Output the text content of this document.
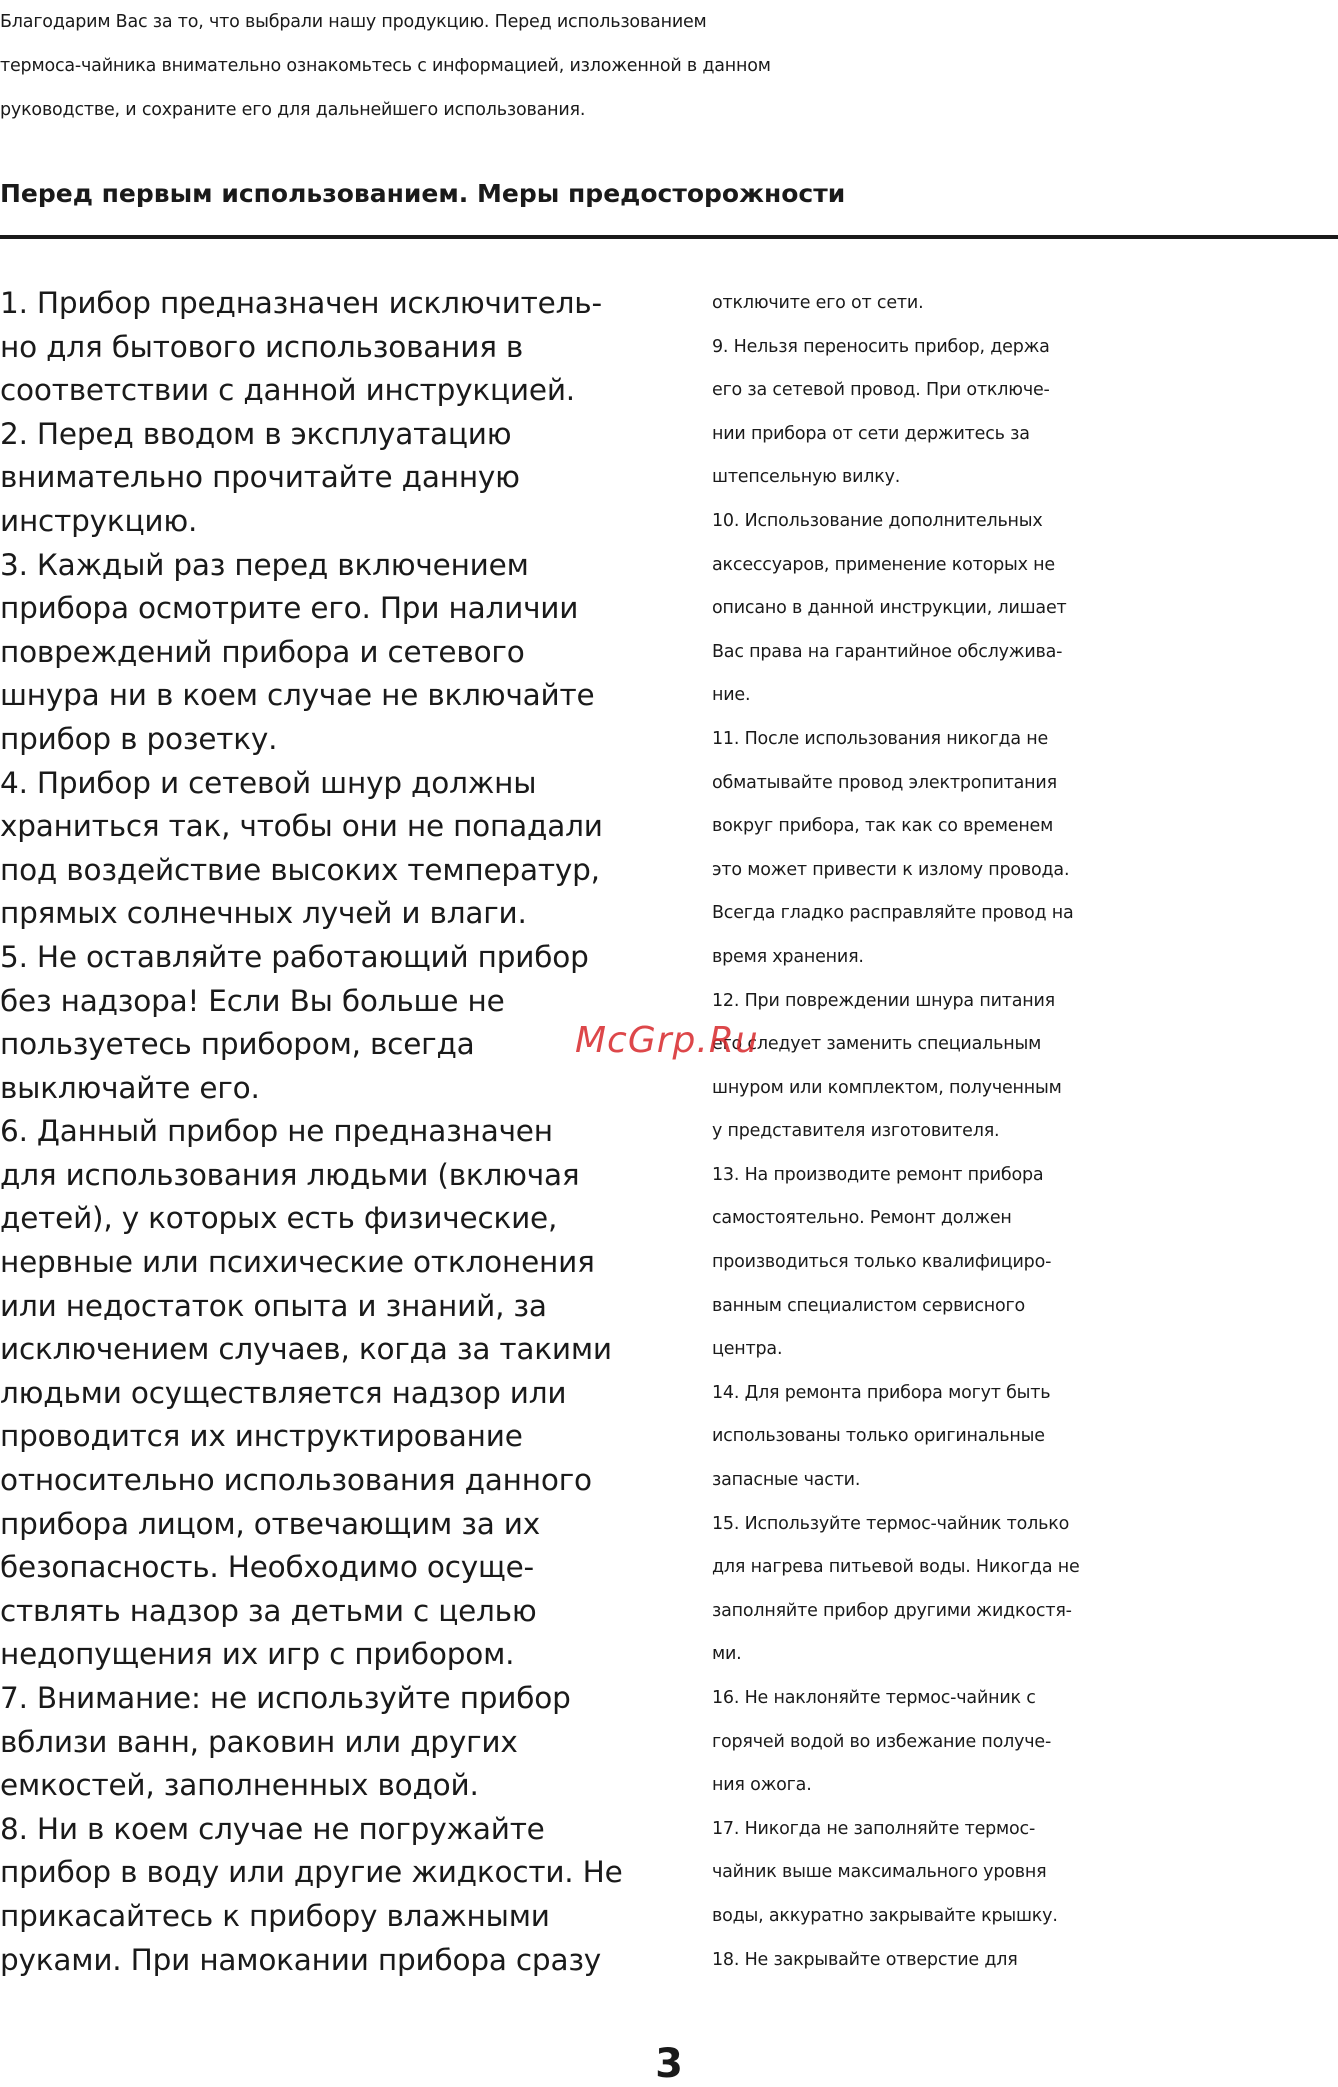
Благодарим Вас за то, что выбрали нашу продукцию. Перед использованием
термоса-чайника внимательно ознакомьтесь с информацией, изложенной в данном
руководстве, и сохраните его для дальнейшего использования.
Перед первым использованием. Меры предосторожности
1. Прибор предназначен исключитель-
но для бытового использования в
соответствии с данной инструкцией.
2. Перед вводом в эксплуатацию
внимательно прочитайте данную
инструкцию.
3. Каждый раз перед включением
прибора осмотрите его. При наличии
повреждений прибора и сетевого
шнура ни в коем случае не включайте
прибор в розетку.
4. Прибор и сетевой шнур должны
храниться так, чтобы они не попадали
под воздействие высоких температур,
прямых солнечных лучей и влаги.
5. Не оставляйте работающий прибор
без надзора! Если Вы больше не
пользуетесь прибором, всегда
выключайте его.
6. Данный прибор не предназначен
для использования людьми (включая
детей), у которых есть физические,
нервные или психические отклонения
или недостаток опыта и знаний, за
исключением случаев, когда за такими
людьми осуществляется надзор или
проводится их инструктирование
относительно использования данного
прибора лицом, отвечающим за их
безопасность. Необходимо осуще-
ствлять надзор за детьми с целью
недопущения их игр с прибором.
7. Внимание: не используйте прибор
вблизи ванн, раковин или других
емкостей, заполненных водой.
8. Ни в коем случае не погружайте
прибор в воду или другие жидкости. Не
прикасайтесь к прибору влажными
руками. При намокании прибора сразу
отключите его от сети.
9. Нельзя переносить прибор, держа
его за сетевой провод. При отключе-
нии прибора от сети держитесь за
штепсельную вилку.
10. Использование дополнительных
аксессуаров, применение которых не
описано в данной инструкции, лишает
Вас права на гарантийное обслужива-
ние.
11. После использования никогда не
обматывайте провод электропитания
вокруг прибора, так как со временем
это может привести к излому провода.
Всегда гладко расправляйте провод на
время хранения.
12. При повреждении шнура питания
его следует заменить специальным
шнуром или комплектом, полученным
у представителя изготовителя.
13. На производите ремонт прибора
самостоятельно. Ремонт должен
производиться только квалифициро-
ванным специалистом сервисного
центра.
14. Для ремонта прибора могут быть
использованы только оригинальные
запасные части.
15. Используйте термос-чайник только
для нагрева питьевой воды. Никогда не
заполняйте прибор другими жидкостя-
ми.
16. Не наклоняйте термос-чайник с
горячей водой во избежание получе-
ния ожога.
17. Никогда не заполняйте термос-
чайник выше максимального уровня
воды, аккуратно закрывайте крышку.
18. Не закрывайте отверстие для
McGrp.Ru
3
